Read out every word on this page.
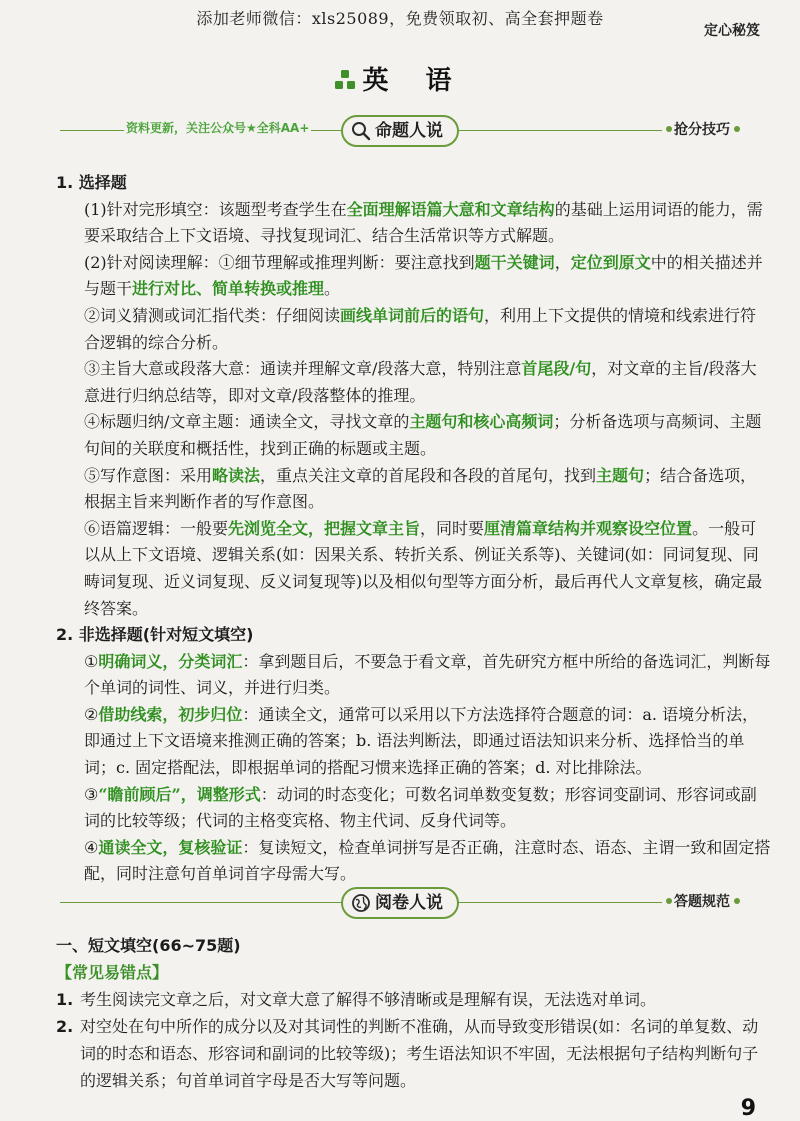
添加老师微信：xls25089，免费领取初、高全套押题卷
定心秘笈
英 语
资料更新，关注公众号★全科AA+	命题人说	抢分技巧
1. 选择题

(1)针对完形填空：该题型考查学生在全面理解语篇大意和文章结构的基础上运用词语的能力，需要采取结合上下文语境、寻找复现词汇、结合生活常识等方式解题。

(2)针对阅读理解：①细节理解或推理判断：要注意找到题干关键词，定位到原文中的相关描述并与题干进行对比、简单转换或推理。

②词义猜测或词汇指代类：仔细阅读画线单词前后的语句，利用上下文提供的情境和线索进行符合逻辑的综合分析。

③主旨大意或段落大意：通读并理解文章/段落大意，特别注意首尾段/句，对文章的主旨/段落大意进行归纳总结等，即对文章/段落整体的推理。

④标题归纳/文章主题：通读全文，寻找文章的主题句和核心高频词；分析备选项与高频词、主题句间的关联度和概括性，找到正确的标题或主题。

⑤写作意图：采用略读法，重点关注文章的首尾段和各段的首尾句，找到主题句；结合备选项，根据主旨来判断作者的写作意图。

⑥语篇逻辑：一般要先浏览全文，把握文章主旨，同时要厘清篇章结构并观察设空位置。一般可以从上下文语境、逻辑关系(如：因果关系、转折关系、例证关系等)、关键词(如：同词复现、同畴词复现、近义词复现、反义词复现等)以及相似句型等方面分析，最后再代人文章复核，确定最终答案。

2. 非选择题(针对短文填空)

①明确词义，分类词汇：拿到题目后，不要急于看文章，首先研究方框中所给的备选词汇，判断每个单词的词性、词义，并进行归类。

②借助线索，初步归位：通读全文，通常可以采用以下方法选择符合题意的词：a. 语境分析法，即通过上下文语境来推测正确的答案；b. 语法判断法，即通过语法知识来分析、选择恰当的单词；c. 固定搭配法，即根据单词的搭配习惯来选择正确的答案；d. 对比排除法。

③“瞻前顾后”，调整形式：动词的时态变化；可数名词单数变复数；形容词变副词、形容词或副词的比较等级；代词的主格变宾格、物主代词、反身代词等。

④通读全文，复核验证：复读短文，检查单词拼写是否正确，注意时态、语态、主谓一致和固定搭配，同时注意句首单词首字母需大写。

阅卷人说	答题规范
一、短文填空(66~75题)
【常见易错点】
1. 考生阅读完文章之后，对文章大意了解得不够清晰或是理解有误，无法选对单词。
2. 对空处在句中所作的成分以及对其词性的判断不准确，从而导致变形错误(如：名词的单复数、动词的时态和语态、形容词和副词的比较等级)；考生语法知识不牢固，无法根据句子结构判断句子的逻辑关系；句首单词首字母是否大写等问题。
9
